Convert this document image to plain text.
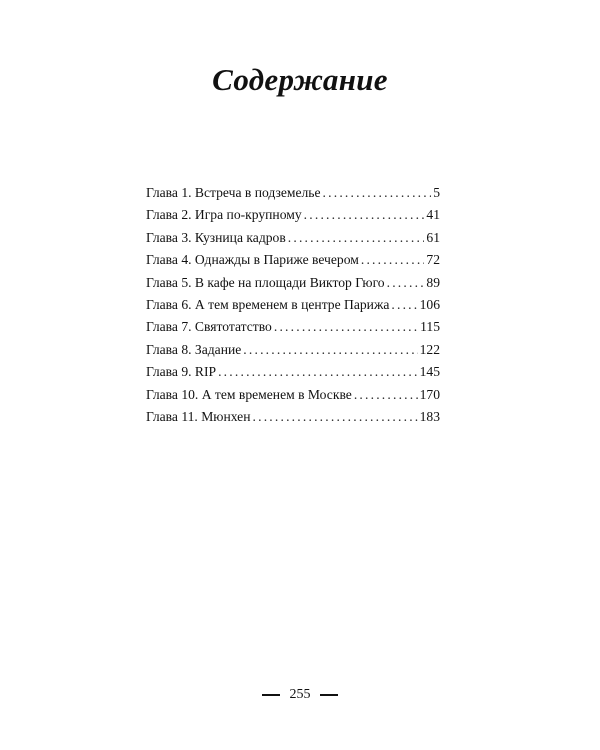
Содержание
Глава 1. Встреча в подземелье . . .	5
Глава 2. Игра по-крупному . . .	41
Глава 3. Кузница кадров . . .	61
Глава 4. Однажды в Париже вечером . . .	72
Глава 5. В кафе на площади Виктор Гюго . . .	89
Глава 6. А тем временем в центре Парижа . . . 106
Глава 7. Святотатство . . .	115
Глава 8. Задание . . .	122
Глава 9. RIP . . .	145
Глава 10. А тем временем в Москве . . .	170
Глава 11. Мюнхен . . .	183
255
